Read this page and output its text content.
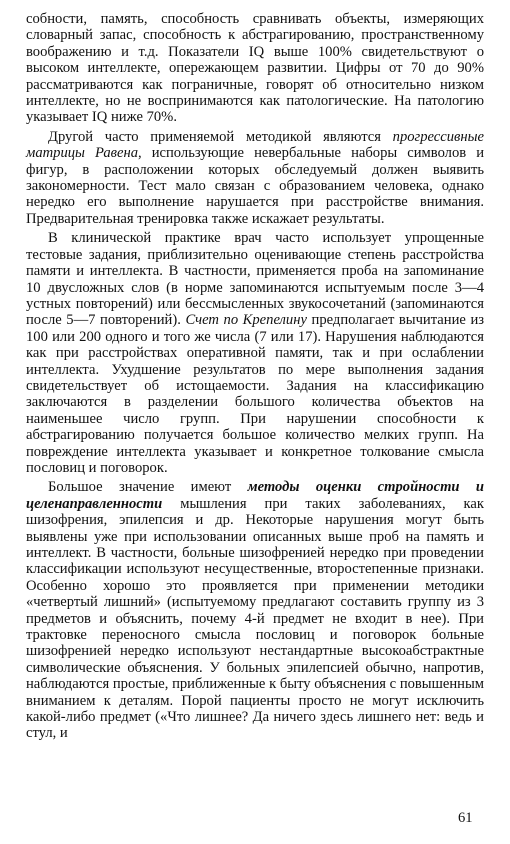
собности, память, способность сравнивать объекты, измеряющих словарный запас, способность к абстрагированию, пространственному воображению и т.д. Показатели IQ выше 100% свидетельствуют о высоком интеллекте, опережающем развитии. Цифры от 70 до 90% рассматриваются как пограничные, говорят об относительно низком интеллекте, но не воспринимаются как патологические. На патологию указывает IQ ниже 70%.

Другой часто применяемой методикой являются прогрессивные матрицы Равена, использующие невербальные наборы символов и фигур, в расположении которых обследуемый должен выявить закономерности. Тест мало связан с образованием человека, однако нередко его выполнение нарушается при расстройстве внимания. Предварительная тренировка также искажает результаты.

В клинической практике врач часто использует упрощенные тестовые задания, приблизительно оценивающие степень расстройства памяти и интеллекта. В частности, применяется проба на запоминание 10 двусложных слов (в норме запоминаются испытуемым после 3—4 устных повторений) или бессмысленных звукосочетаний (запоминаются после 5—7 повторений). Счет по Крепелину предполагает вычитание из 100 или 200 одного и того же числа (7 или 17). Нарушения наблюдаются как при расстройствах оперативной памяти, так и при ослаблении интеллекта. Ухудшение результатов по мере выполнения задания свидетельствует об истощаемости. Задания на классификацию заключаются в разделении большого количества объектов на наименьшее число групп. При нарушении способности к абстрагированию получается большое количество мелких групп. На повреждение интеллекта указывает и конкретное толкование смысла пословиц и поговорок.

Большое значение имеют методы оценки стройности и целенаправленности мышления при таких заболеваниях, как шизофрения, эпилепсия и др. Некоторые нарушения могут быть выявлены уже при использовании описанных выше проб на память и интеллект. В частности, больные шизофренией нередко при проведении классификации используют несущественные, второстепенные признаки. Особенно хорошо это проявляется при применении методики «четвертый лишний» (испытуемому предлагают составить группу из 3 предметов и объяснить, почему 4-й предмет не входит в нее). При трактовке переносного смысла пословиц и поговорок больные шизофренией нередко используют нестандартные высокоабстрактные символические объяснения. У больных эпилепсией обычно, напротив, наблюдаются простые, приближенные к быту объяснения с повышенным вниманием к деталям. Порой пациенты просто не могут исключить какой-либо предмет («Что лишнее? Да ничего здесь лишнего нет: ведь и стул, и

61
